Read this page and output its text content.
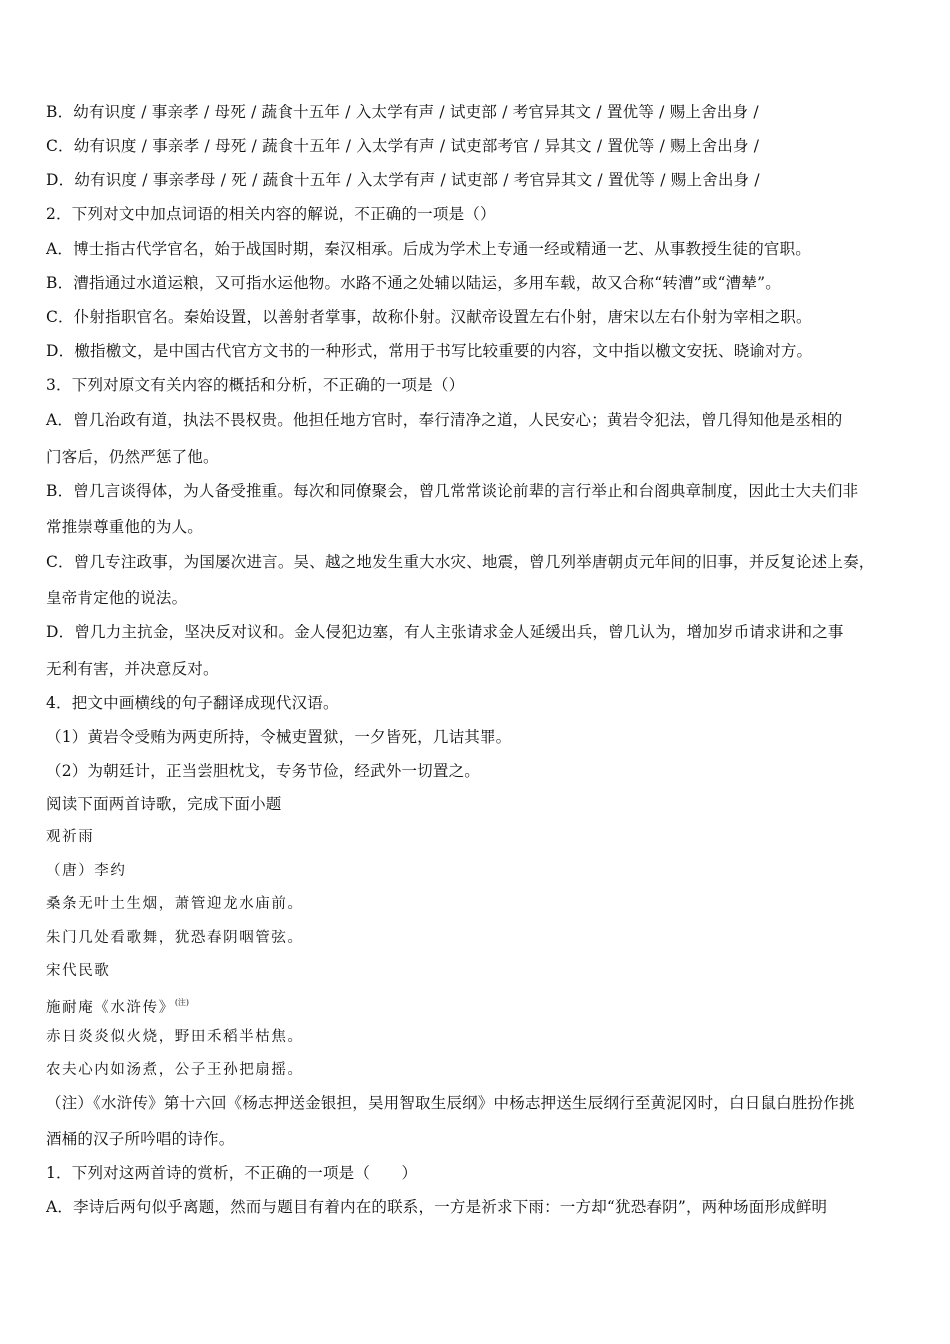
B．幼有识度 / 事亲孝 / 母死 / 蔬食十五年 / 入太学有声 / 试吏部 / 考官异其文 / 置优等 / 赐上舍出身 /
C．幼有识度 / 事亲孝 / 母死 / 蔬食十五年 / 入太学有声 / 试吏部考官 / 异其文 / 置优等 / 赐上舍出身 /
D．幼有识度 / 事亲孝母 / 死 / 蔬食十五年 / 入太学有声 / 试吏部 / 考官异其文 / 置优等 / 赐上舍出身 /
2．下列对文中加点词语的相关内容的解说，不正确的一项是（）
A．博士指古代学官名，始于战国时期，秦汉相承。后成为学术上专通一经或精通一艺、从事教授生徒的官职。
B．漕指通过水道运粮，又可指水运他物。水路不通之处辅以陆运，多用车载，故又合称“转漕”或“漕辇”。
C．仆射指职官名。秦始设置，以善射者掌事，故称仆射。汉献帝设置左右仆射，唐宋以左右仆射为宰相之职。
D．檄指檄文，是中国古代官方文书的一种形式，常用于书写比较重要的内容，文中指以檄文安抚、晓谕对方。
3．下列对原文有关内容的概括和分析，不正确的一项是（）
A．曾几治政有道，执法不畏权贵。他担任地方官时，奉行清净之道，人民安心；黄岩令犯法，曾几得知他是丞相的
门客后，仍然严惩了他。
B．曾几言谈得体，为人备受推重。每次和同僚聚会，曾几常常谈论前辈的言行举止和台阁典章制度，因此士大夫们非
常推崇尊重他的为人。
C．曾几专注政事，为国屡次进言。吴、越之地发生重大水灾、地震，曾几列举唐朝贞元年间的旧事，并反复论述上奏，
皇帝肯定他的说法。
D．曾几力主抗金，坚决反对议和。金人侵犯边塞，有人主张请求金人延缓出兵，曾几认为，增加岁币请求讲和之事
无利有害，并决意反对。
4．把文中画横线的句子翻译成现代汉语。
（1）黄岩令受贿为两吏所持，令械吏置狱，一夕皆死，几诘其罪。
（2）为朝廷计，正当尝胆枕戈，专务节俭，经武外一切置之。
阅读下面两首诗歌，完成下面小题
观祈雨
（唐）李约
桑条无叶土生烟，萧管迎龙水庙前。
朱门几处看歌舞，犹恐春阴咽管弦。
宋代民歌
施耐庵《水浒传》$^{(注)}$
赤日炎炎似火烧，野田禾稻半枯焦。
农夫心内如汤煮，公子王孙把扇摇。
（注）《水浒传》第十六回《杨志押送金银担，吴用智取生辰纲》中杨志押送生辰纲行至黄泥冈时，白日鼠白胜扮作挑
酒桶的汉子所吟唱的诗作。
1．下列对这两首诗的赏析，不正确的一项是（　　）
A．李诗后两句似乎离题，然而与题目有着内在的联系，一方是祈求下雨：一方却“犹恐春阴”，两种场面形成鲜明
